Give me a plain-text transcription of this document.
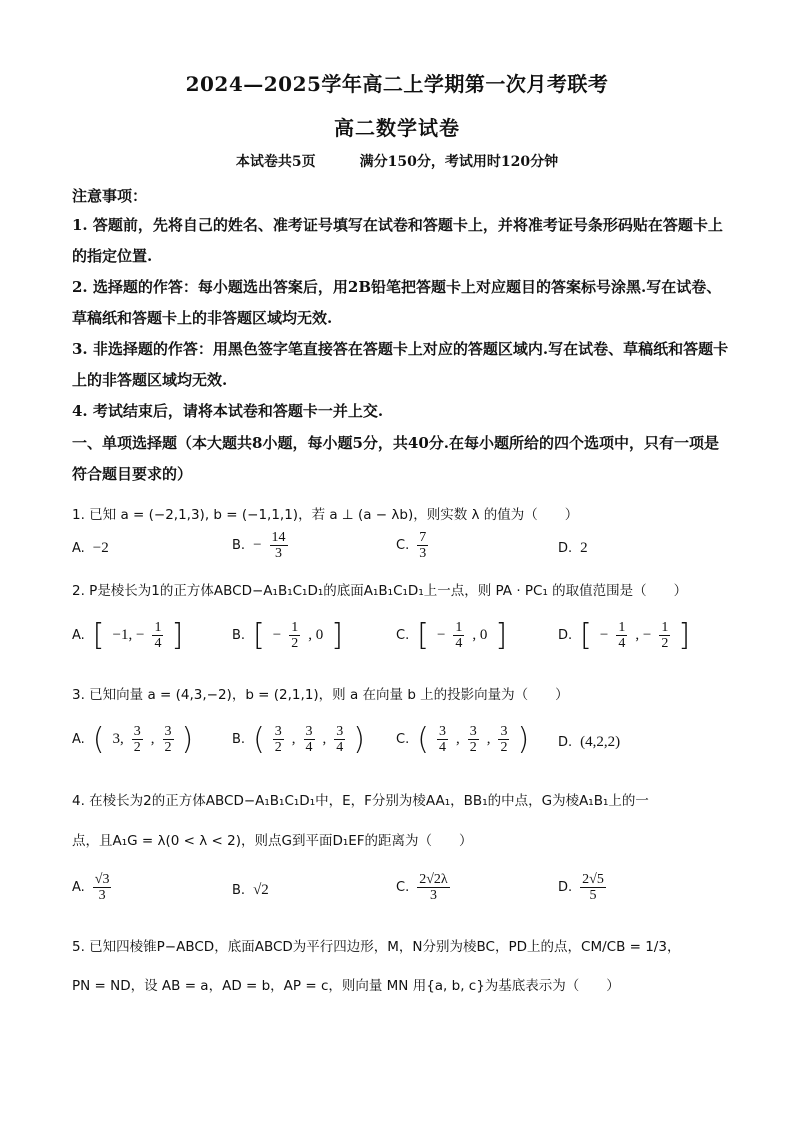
2024—2025学年高二上学期第一次月考联考
高二数学试卷
本试卷共5页	满分150分，考试用时120分钟
注意事项：
1. 答题前，先将自己的姓名、准考证号填写在试卷和答题卡上，并将准考证号条形码贴在答题卡上的指定位置.
2. 选择题的作答：每小题选出答案后，用2B铅笔把答题卡上对应题目的答案标号涂黑.写在试卷、草稿纸和答题卡上的非答题区域均无效.
3. 非选择题的作答：用黑色签字笔直接答在答题卡上对应的答题区域内.写在试卷、草稿纸和答题卡上的非答题区域均无效.
4. 考试结束后，请将本试卷和答题卡一并上交.
一、单项选择题（本大题共8小题，每小题5分，共40分.在每小题所给的四个选项中，只有一项是符合题目要求的）
1. 已知 a = (−2,1,3), b = (−1,1,1)，若 a ⊥ (a − λb)，则实数 λ 的值为（　　）
A. −2	B. − $\frac{14}{3}$	C. $\frac{7}{3}$	D. 2
2. P是棱长为1的正方体ABCD−A₁B₁C₁D₁的底面A₁B₁C₁D₁上一点，则 PA · PC₁ 的取值范围是（　　）
A. [ −1, − $\frac{1}{4}$ ]	B. [ − $\frac{1}{2}$ , 0 ]	C. [ − $\frac{1}{4}$ , 0 ]	D. [ − $\frac{1}{4}$ , − $\frac{1}{2}$ ]
3. 已知向量 a = (4,3,−2)，b = (2,1,1)，则 a 在向量 b 上的投影向量为（　　）
A. ( 3, $\frac{3}{2}$ , $\frac{3}{2}$ )	B. ( $\frac{3}{2}$ , $\frac{3}{4}$ , $\frac{3}{4}$ ) C. ( $\frac{3}{4}$ , $\frac{3}{2}$ , $\frac{3}{2}$ ) D. (4,2,2)
4. 在棱长为2的正方体ABCD−A₁B₁C₁D₁中，E，F分别为棱AA₁，BB₁的中点，G为棱A₁B₁上的一
点，且A₁G = λ(0 < λ < 2)，则点G到平面D₁EF的距离为（　　）
A. $\frac{√3}{3}$	B. √2	C. $\frac{2√2\lambda}{3}$	D. $\frac{2√5}{5}$
5. 已知四棱锥P−ABCD，底面ABCD为平行四边形，M，N分别为棱BC，PD上的点，CM/CB = 1/3，
PN = ND，设 AB = a，AD = b，AP = c，则向量 MN 用{a, b, c}为基底表示为（　　）
